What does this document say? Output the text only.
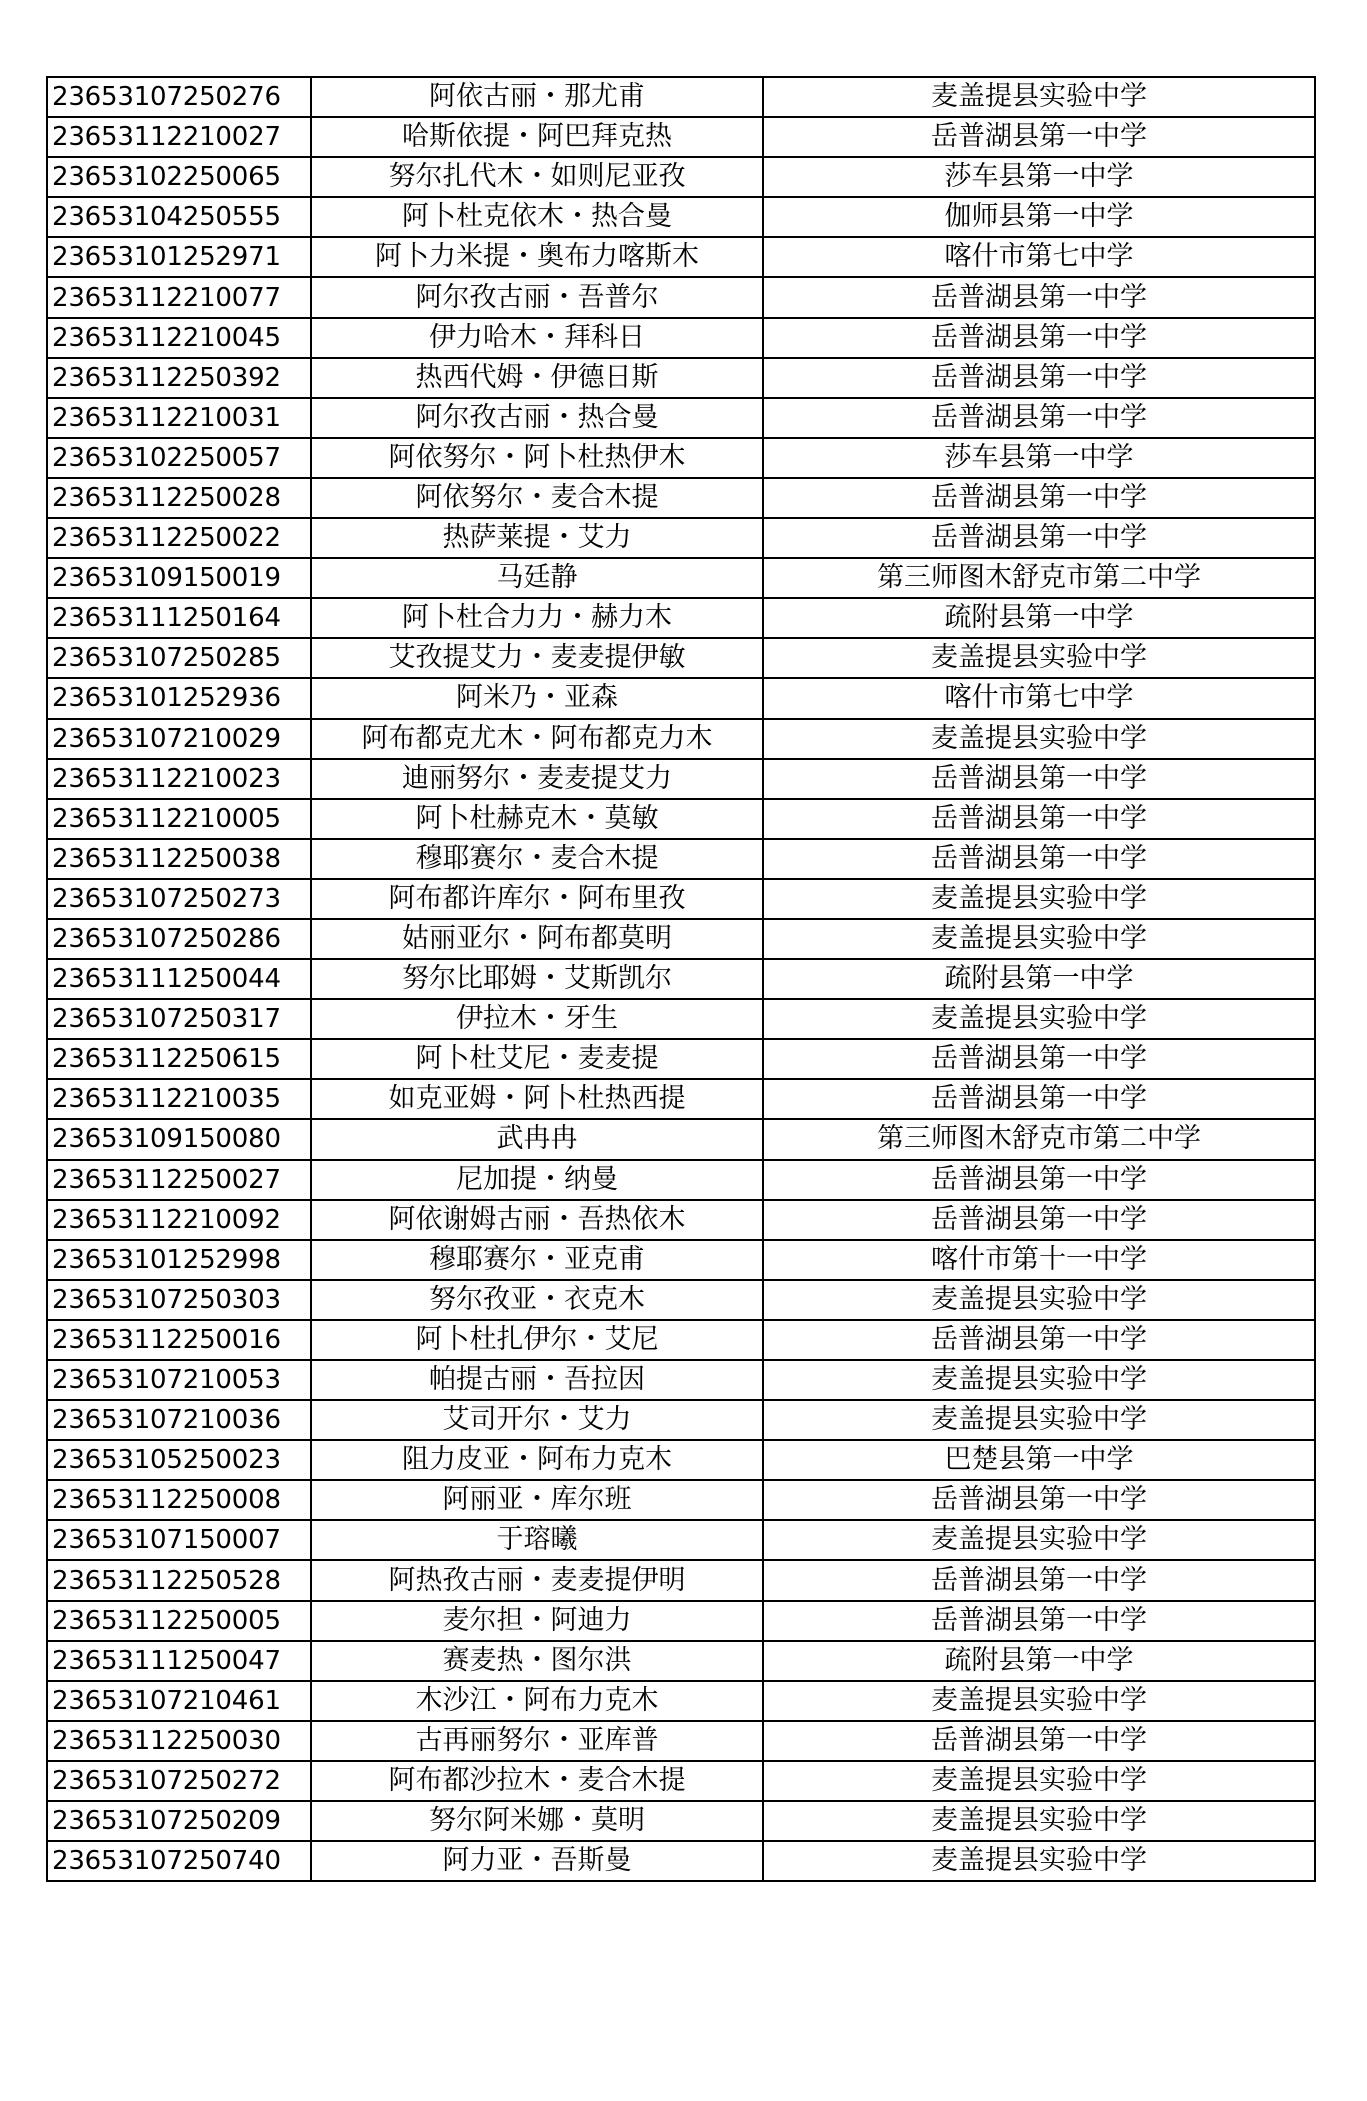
23653107250276	阿依古丽・那尤甫	麦盖提县实验中学
23653112210027	哈斯依提・阿巴拜克热	岳普湖县第一中学
23653102250065	努尔扎代木・如则尼亚孜	莎车县第一中学
23653104250555	阿卜杜克依木・热合曼	伽师县第一中学
23653101252971	阿卜力米提・奥布力喀斯木	喀什市第七中学
23653112210077	阿尔孜古丽・吾普尔	岳普湖县第一中学
23653112210045	伊力哈木・拜科日	岳普湖县第一中学
23653112250392	热西代姆・伊德日斯	岳普湖县第一中学
23653112210031	阿尔孜古丽・热合曼	岳普湖县第一中学
23653102250057	阿依努尔・阿卜杜热伊木	莎车县第一中学
23653112250028	阿依努尔・麦合木提	岳普湖县第一中学
23653112250022	热萨莱提・艾力	岳普湖县第一中学
23653109150019	马廷静	第三师图木舒克市第二中学
23653111250164	阿卜杜合力力・赫力木	疏附县第一中学
23653107250285	艾孜提艾力・麦麦提伊敏	麦盖提县实验中学
23653101252936	阿米乃・亚森	喀什市第七中学
23653107210029	阿布都克尤木・阿布都克力木	麦盖提县实验中学
23653112210023	迪丽努尔・麦麦提艾力	岳普湖县第一中学
23653112210005	阿卜杜赫克木・莫敏	岳普湖县第一中学
23653112250038	穆耶赛尔・麦合木提	岳普湖县第一中学
23653107250273	阿布都许库尔・阿布里孜	麦盖提县实验中学
23653107250286	姑丽亚尔・阿布都莫明	麦盖提县实验中学
23653111250044	努尔比耶姆・艾斯凯尔	疏附县第一中学
23653107250317	伊拉木・牙生	麦盖提县实验中学
23653112250615	阿卜杜艾尼・麦麦提	岳普湖县第一中学
23653112210035	如克亚姆・阿卜杜热西提	岳普湖县第一中学
23653109150080	武冉冉	第三师图木舒克市第二中学
23653112250027	尼加提・纳曼	岳普湖县第一中学
23653112210092	阿依谢姆古丽・吾热依木	岳普湖县第一中学
23653101252998	穆耶赛尔・亚克甫	喀什市第十一中学
23653107250303	努尔孜亚・衣克木	麦盖提县实验中学
23653112250016	阿卜杜扎伊尔・艾尼	岳普湖县第一中学
23653107210053	帕提古丽・吾拉因	麦盖提县实验中学
23653107210036	艾司开尔・艾力	麦盖提县实验中学
23653105250023	阻力皮亚・阿布力克木	巴楚县第一中学
23653112250008	阿丽亚・库尔班	岳普湖县第一中学
23653107150007	于瑢曦	麦盖提县实验中学
23653112250528	阿热孜古丽・麦麦提伊明	岳普湖县第一中学
23653112250005	麦尔担・阿迪力	岳普湖县第一中学
23653111250047	赛麦热・图尔洪	疏附县第一中学
23653107210461	木沙江・阿布力克木	麦盖提县实验中学
23653112250030	古再丽努尔・亚库普	岳普湖县第一中学
23653107250272	阿布都沙拉木・麦合木提	麦盖提县实验中学
23653107250209	努尔阿米娜・莫明	麦盖提县实验中学
23653107250740	阿力亚・吾斯曼	麦盖提县实验中学
